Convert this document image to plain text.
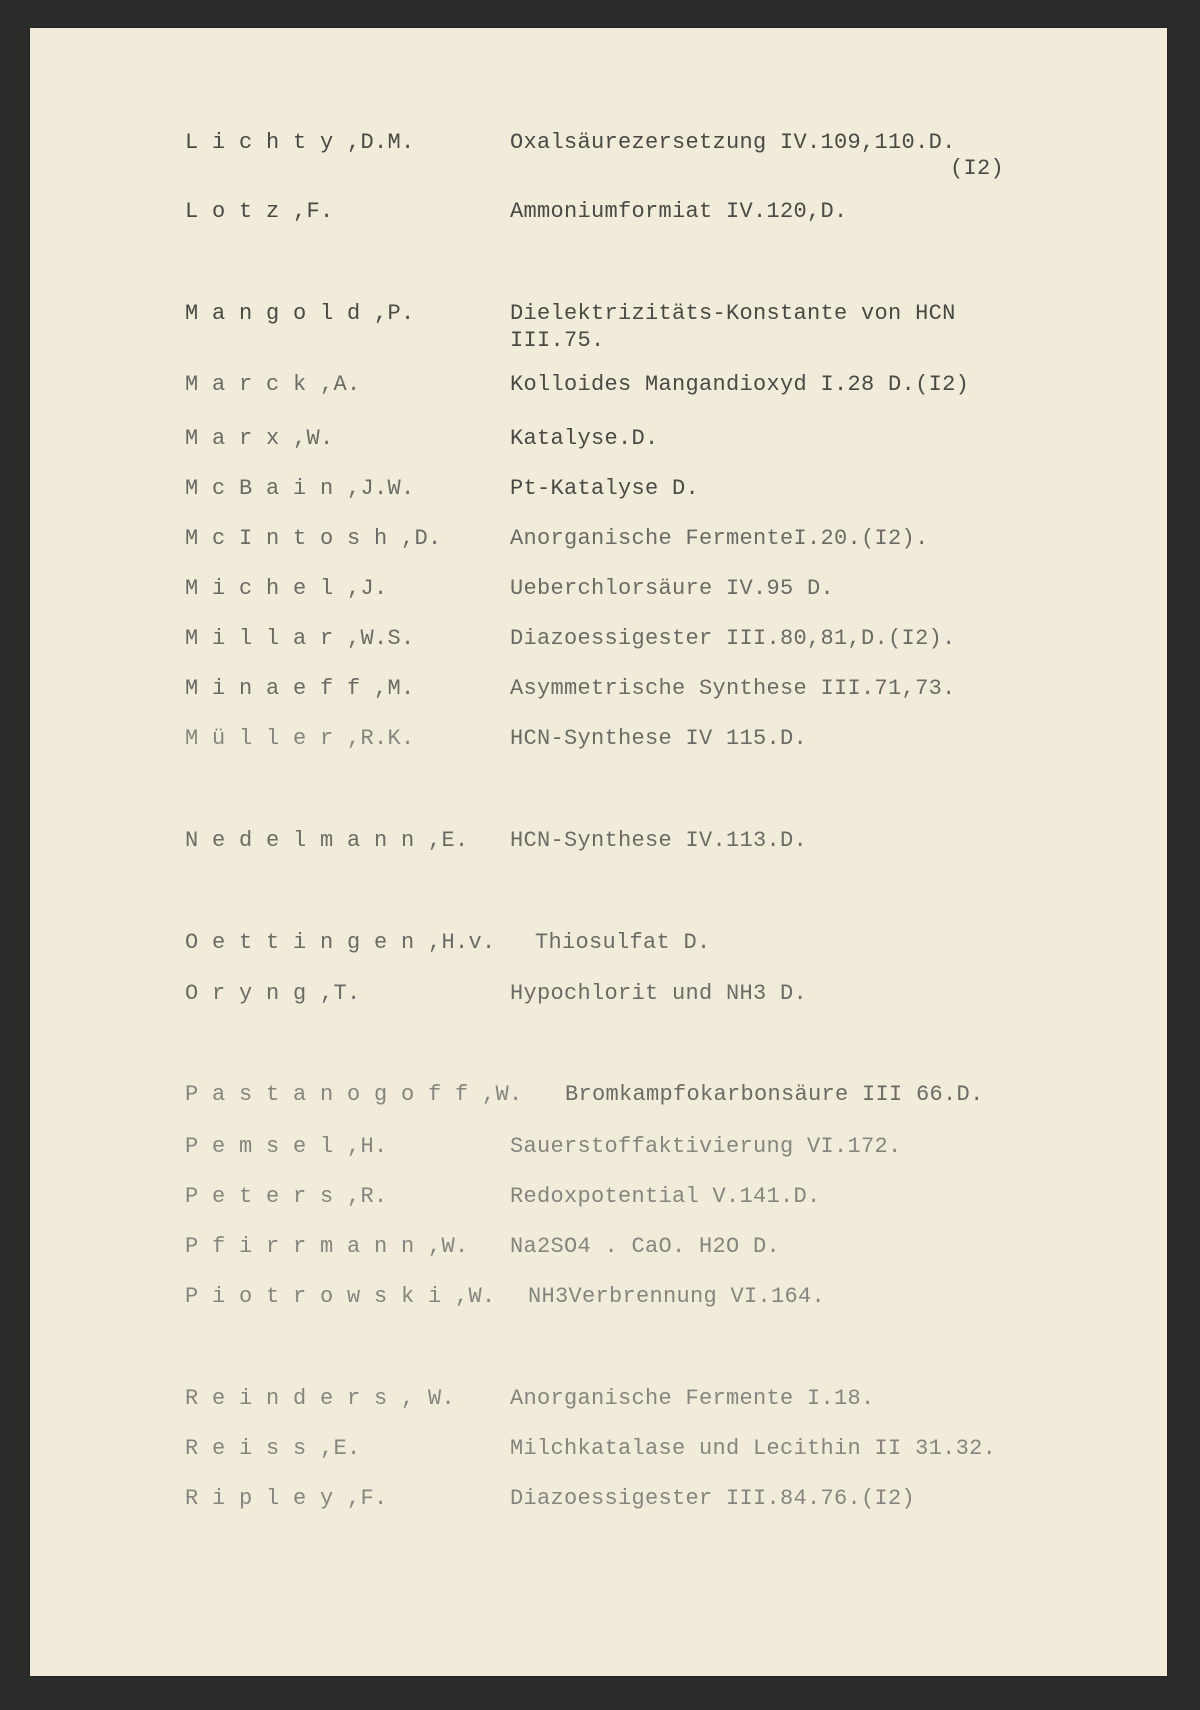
L i c h t y ,D.M.	Oxalsäurezersetzung IV.109,110.D.
(I2)
L o t z ,F.	Ammoniumformiat IV.120,D.
M a n g o l d ,P.	Dielektrizitäts-Konstante von HCN
III.75.
M a r c k ,A.	Kolloides Mangandioxyd I.28 D.(I2)
M a r x ,W.	Katalyse.D.
M c B a i n ,J.W.	Pt-Katalyse D.
M c I n t o s h ,D.	Anorganische FermenteI.20.(I2).
M i c h e l ,J.	Ueberchlorsäure IV.95 D.
M i l l a r ,W.S.	Diazoessigester III.80,81,D.(I2).
M i n a e f f ,M.	Asymmetrische Synthese III.71,73.
M ü l l e r ,R.K.	HCN-Synthese IV 115.D.
N e d e l m a n n ,E. HCN-Synthese IV.113.D.
O e t t i n g e n ,H.v. Thiosulfat D.
O r y n g ,T.	Hypochlorit und NH3 D.
P a s t a n o g o f f ,W. Bromkampfokarbonsäure III 66.D.
P e m s e l ,H.	Sauerstoffaktivierung VI.172.
P e t e r s ,R.	Redoxpotential V.141.D.
P f i r r m a n n ,W. Na2SO4 . CaO. H2O D.
P i o t r o w s k i ,W. NH3Verbrennung VI.164.
R e i n d e r s , W. Anorganische Fermente I.18.
R e i s s ,E.	Milchkatalase und Lecithin II 31.32.
R i p l e y ,F.	Diazoessigester III.84.76.(I2)
